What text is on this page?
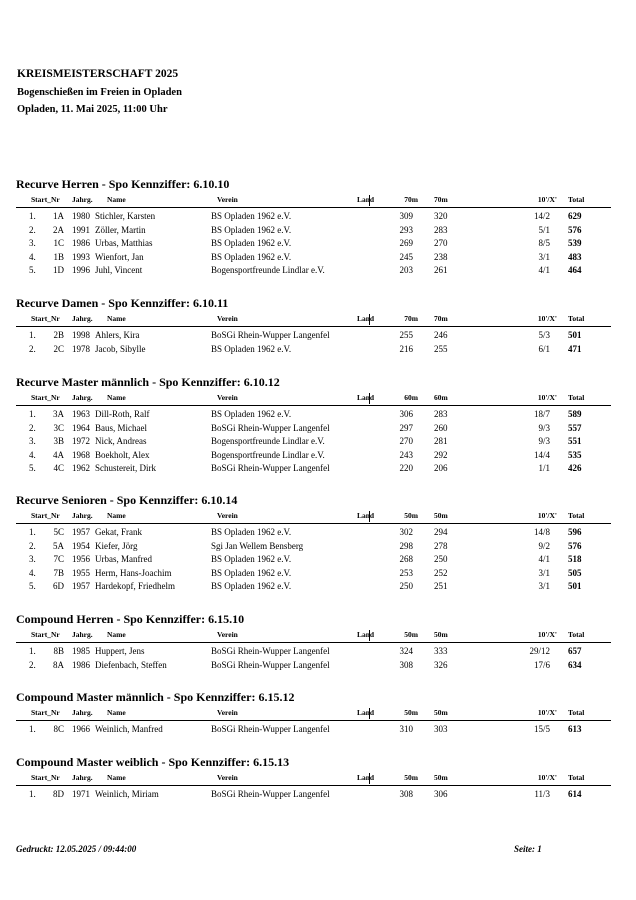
KREISMEISTERSCHAFT 2025
Bogenschießen im Freien in Opladen
Opladen, 11. Mai 2025, 11:00 Uhr
Recurve Herren - Spo Kennziffer: 6.10.10
Start_Nr	Jahrg.	Name	Verein	Land	70m 70m	10'/X' Total
1.	1A 1980 Stichler, Karsten	BS Opladen 1962 e.V.	309 320	14/2 629
2.	2A 1991 Zöller, Martin	BS Opladen 1962 e.V.	293 283	5/1 576
3.	1C 1986 Urbas, Matthias	BS Opladen 1962 e.V.	269 270	8/5 539
4.	1B 1993 Wienfort, Jan	BS Opladen 1962 e.V.	245 238	3/1 483
5.	1D 1996 Juhl, Vincent	Bogensportfreunde Lindlar e.V.	203 261	4/1 464
Recurve Damen - Spo Kennziffer: 6.10.11
Start_Nr	Jahrg.	Name	Verein	Land	70m 70m	10'/X' Total
1.	2B 1998 Ahlers, Kira	BoSGi Rhein-Wupper Langenfel	255 246	5/3 501
2.	2C 1978 Jacob, Sibylle	BS Opladen 1962 e.V.	216 255	6/1 471
Recurve Master männlich - Spo Kennziffer: 6.10.12
Start_Nr	Jahrg.	Name	Verein	Land	60m 60m	10'/X' Total
1.	3A 1963 Dill-Roth, Ralf	BS Opladen 1962 e.V.	306 283	18/7 589
2.	3C 1964 Baus, Michael	BoSGi Rhein-Wupper Langenfel	297 260	9/3 557
3.	3B 1972 Nick, Andreas	Bogensportfreunde Lindlar e.V.	270 281	9/3 551
4.	4A 1968 Boekholt, Alex	Bogensportfreunde Lindlar e.V.	243 292	14/4 535
5.	4C 1962 Schustereit, Dirk	BoSGi Rhein-Wupper Langenfel	220 206	1/1 426
Recurve Senioren - Spo Kennziffer: 6.10.14
Start_Nr	Jahrg.	Name	Verein	Land	50m 50m	10'/X' Total
1.	5C 1957 Gekat, Frank	BS Opladen 1962 e.V.	302 294	14/8 596
2.	5A 1954 Kiefer, Jörg	Sgi Jan Wellem Bensberg	298 278	9/2 576
3.	7C 1956 Urbas, Manfred	BS Opladen 1962 e.V.	268 250	4/1 518
4.	7B 1955 Herm, Hans-Joachim	BS Opladen 1962 e.V.	253 252	3/1 505
5.	6D 1957 Hardekopf, Friedhelm	BS Opladen 1962 e.V.	250 251	3/1 501
Compound Herren - Spo Kennziffer: 6.15.10
Start_Nr	Jahrg.	Name	Verein	Land	50m 50m	10'/X' Total
1.	8B 1985 Huppert, Jens	BoSGi Rhein-Wupper Langenfel	324 333	29/12 657
2.	8A 1986 Diefenbach, Steffen	BoSGi Rhein-Wupper Langenfel	308 326	17/6 634
Compound Master männlich - Spo Kennziffer: 6.15.12
Start_Nr	Jahrg.	Name	Verein	Land	50m 50m	10'/X' Total
1.	8C 1966 Weinlich, Manfred	BoSGi Rhein-Wupper Langenfel	310 303	15/5 613
Compound Master weiblich - Spo Kennziffer: 6.15.13
Start_Nr	Jahrg.	Name	Verein	Land	50m 50m	10'/X' Total
1.	8D 1971 Weinlich, Miriam	BoSGi Rhein-Wupper Langenfel	308 306	11/3 614
Gedruckt: 12.05.2025 / 09:44:00	Seite: 1
